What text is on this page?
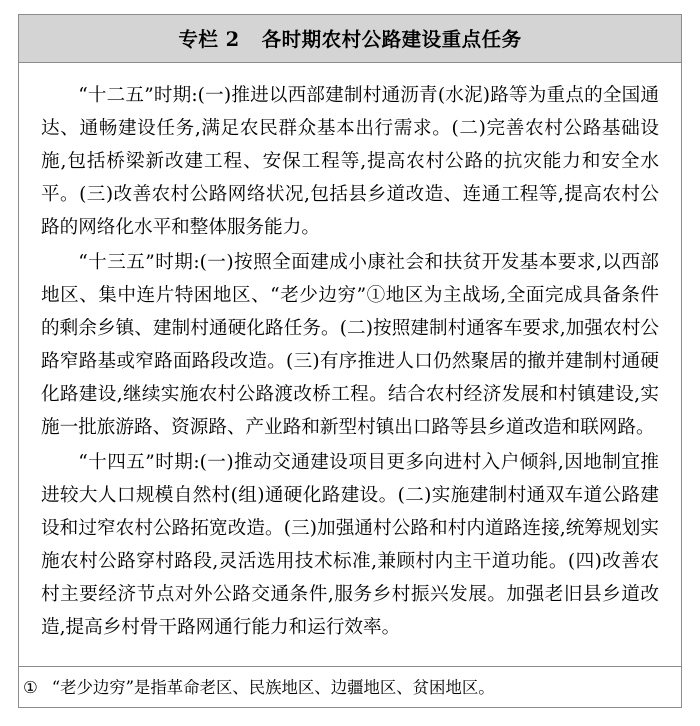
专栏 2 各时期农村公路建设重点任务

“十二五”时期:(一)推进以西部建制村通沥青(水泥)路等为重点的全国通达、通畅建设任务,满足农民群众基本出行需求。(二)完善农村公路基础设施,包括桥梁新改建工程、安保工程等,提高农村公路的抗灾能力和安全水平。(三)改善农村公路网络状况,包括县乡道改造、连通工程等,提高农村公路的网络化水平和整体服务能力。

“十三五”时期:(一)按照全面建成小康社会和扶贫开发基本要求,以西部地区、集中连片特困地区、“老少边穷”①地区为主战场,全面完成具备条件的剩余乡镇、建制村通硬化路任务。(二)按照建制村通客车要求,加强农村公路窄路基或窄路面路段改造。(三)有序推进人口仍然聚居的撤并建制村通硬化路建设,继续实施农村公路渡改桥工程。结合农村经济发展和村镇建设,实施一批旅游路、资源路、产业路和新型村镇出口路等县乡道改造和联网路。

“十四五”时期:(一)推动交通建设项目更多向进村入户倾斜,因地制宜推进较大人口规模自然村(组)通硬化路建设。(二)实施建制村通双车道公路建设和过窄农村公路拓宽改造。(三)加强通村公路和村内道路连接,统筹规划实施农村公路穿村路段,灵活选用技术标准,兼顾村内主干道功能。(四)改善农村主要经济节点对外公路交通条件,服务乡村振兴发展。加强老旧县乡道改造,提高乡村骨干路网通行能力和运行效率。

① “老少边穷”是指革命老区、民族地区、边疆地区、贫困地区。
